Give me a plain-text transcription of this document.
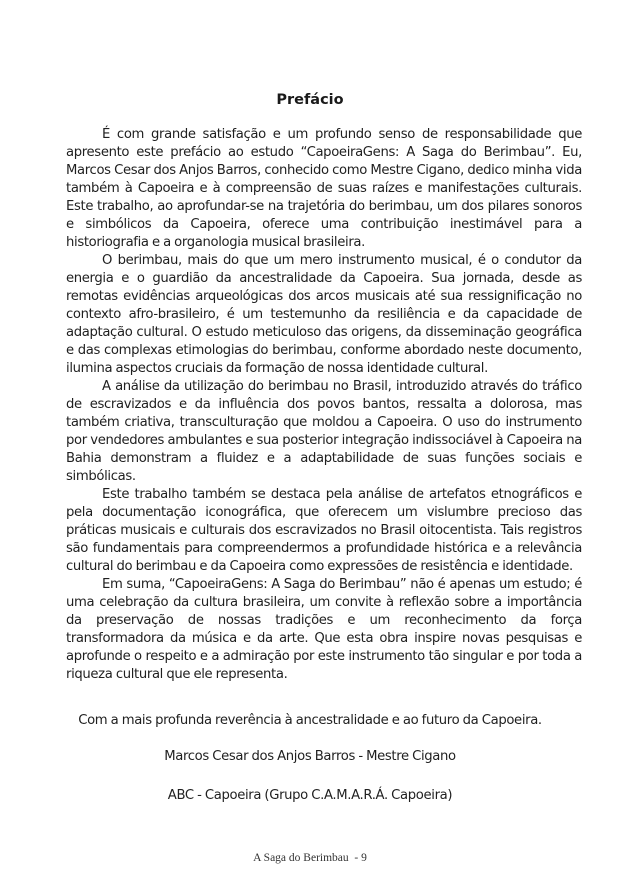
Prefácio

É com grande satisfação e um profundo senso de responsabilidade que apresento este prefácio ao estudo “CapoeiraGens: A Saga do Berimbau”. Eu, Marcos Cesar dos Anjos Barros, conhecido como Mestre Cigano, dedico minha vida também à Capoeira e à compreensão de suas raízes e manifestações culturais. Este trabalho, ao aprofundar-se na trajetória do berimbau, um dos pilares sonoros e simbólicos da Capoeira, oferece uma contribuição inestimável para a historiografia e a organologia musical brasileira.

O berimbau, mais do que um mero instrumento musical, é o condutor da energia e o guardião da ancestralidade da Capoeira. Sua jornada, desde as remotas evidências arqueológicas dos arcos musicais até sua ressignificação no contexto afro-brasileiro, é um testemunho da resiliência e da capacidade de adaptação cultural. O estudo meticuloso das origens, da disseminação geográfica e das complexas etimologias do berimbau, conforme abordado neste documento, ilumina aspectos cruciais da formação de nossa identidade cultural.

A análise da utilização do berimbau no Brasil, introduzido através do tráfico de escravizados e da influência dos povos bantos, ressalta a dolorosa, mas também criativa, transculturação que moldou a Capoeira. O uso do instrumento por vendedores ambulantes e sua posterior integração indissociável à Capoeira na Bahia demonstram a fluidez e a adaptabilidade de suas funções sociais e simbólicas.

Este trabalho também se destaca pela análise de artefatos etnográficos e pela documentação iconográfica, que oferecem um vislumbre precioso das práticas musicais e culturais dos escravizados no Brasil oitocentista. Tais registros são fundamentais para compreendermos a profundidade histórica e a relevância cultural do berimbau e da Capoeira como expressões de resistência e identidade.

Em suma, “CapoeiraGens: A Saga do Berimbau” não é apenas um estudo; é uma celebração da cultura brasileira, um convite à reflexão sobre a importância da preservação de nossas tradições e um reconhecimento da força transformadora da música e da arte. Que esta obra inspire novas pesquisas e aprofunde o respeito e a admiração por este instrumento tão singular e por toda a riqueza cultural que ele representa.

Com a mais profunda reverência à ancestralidade e ao futuro da Capoeira.
Marcos Cesar dos Anjos Barros - Mestre Cigano
ABC - Capoeira (Grupo C.A.M.A.R.Á. Capoeira)
A Saga do Berimbau - 9
